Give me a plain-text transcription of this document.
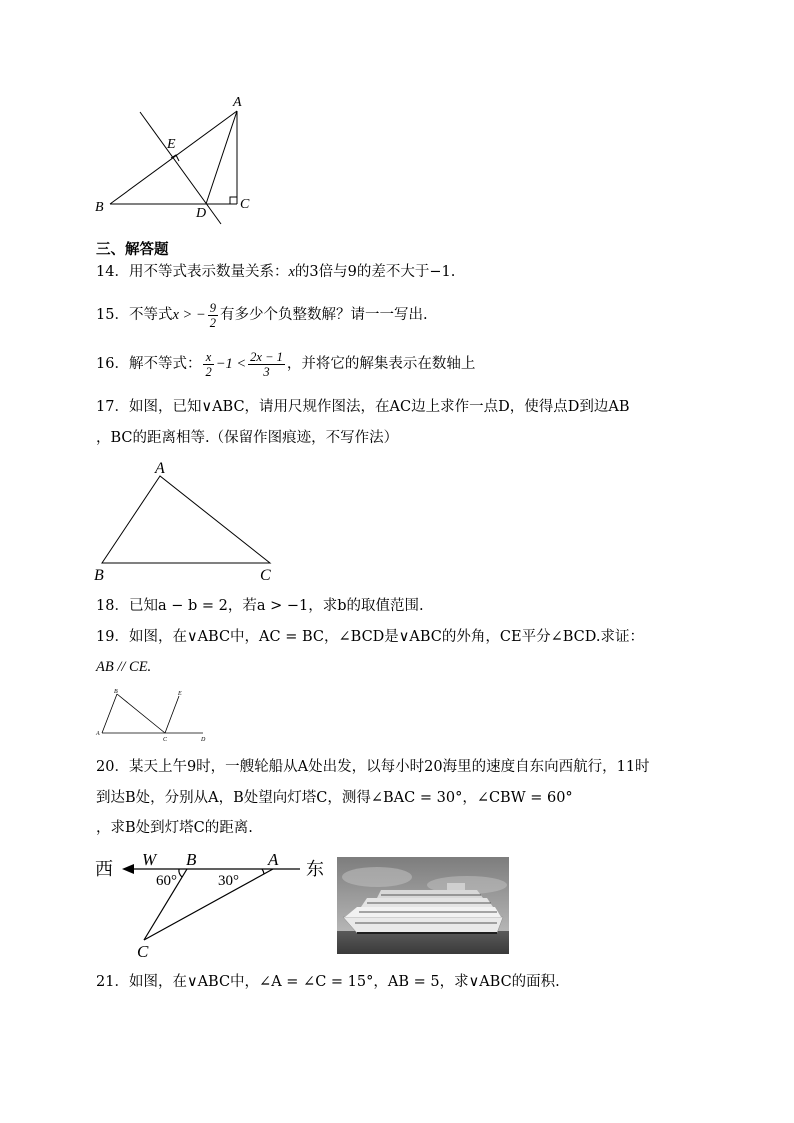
A
B	C
D
E
三、解答题
14．用不等式表示数量关系：x的3倍与9的差不大于−1.
15．不等式x > − $\frac{9}{2}$ 有多少个负整数解？请一一写出.
16．解不等式： $\frac{x}{2} -1 < \frac{2x - 1}{3}$ ，并将它的解集表示在数轴上
17．如图，已知∨ABC，请用尺规作图法，在AC边上求作一点D，使得点D到边AB
，BC的距离相等.（保留作图痕迹，不写作法）
A
B	C
18．已知a − b = 2，若a > −1，求b的取值范围.
19．如图，在∨ABC中，AC = BC，∠BCD是∨ABC的外角，CE平分∠BCD.求证：
AB // CE.
A
B
C	D
E
20．某天上午9时，一艘轮船从A处出发，以每小时20海里的速度自东向西航行，11时
到达B处，分别从A，B处望向灯塔C，测得∠BAC = 30°，∠CBW = 60°
，求B处到灯塔C的距离.
西	东
W B	A
C
60°	30°
21．如图，在∨ABC中，∠A = ∠C = 15°，AB = 5，求∨ABC的面积.
